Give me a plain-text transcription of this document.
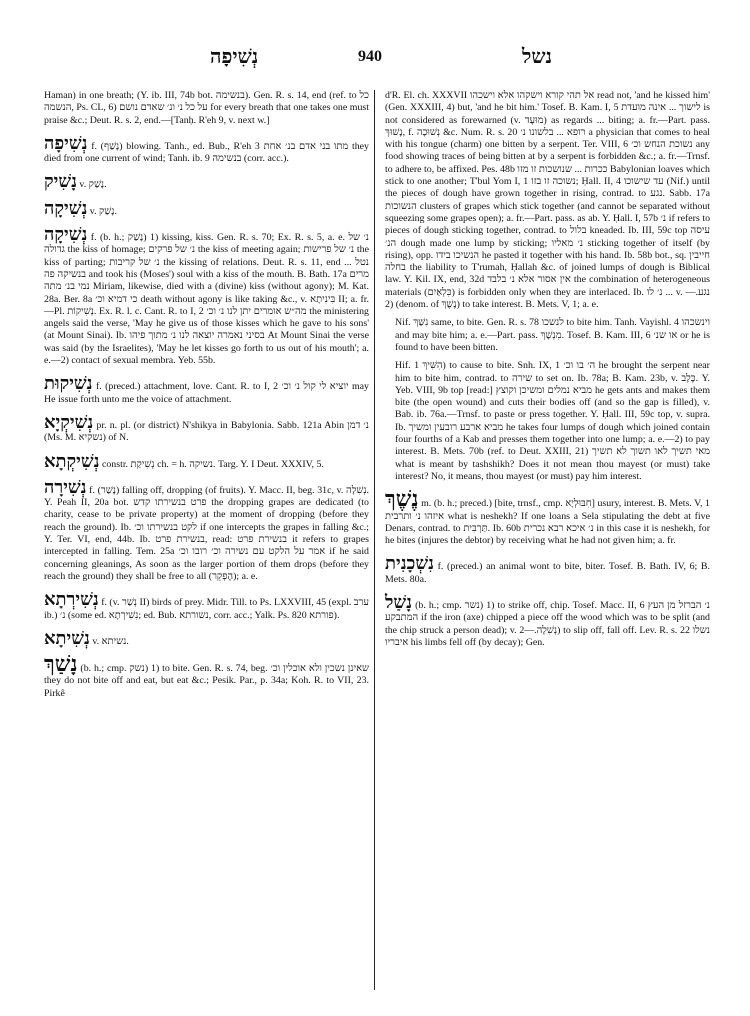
נְשִׁיפָה	940	נשל

Haman) in one breath; (Y. ib. III, 74b bot. בנשימה). Gen. R. s. 14, end (ref. to כל הנשמה, Ps. CL, 6) על כל נ׳ ונ׳ שאדם נושם for every breath that one takes one must praise &c.; Deut. R. s. 2, end.—[Tanḥ. R'eh 9, v. next w.]

נְשִׁיפָה f. (נָשַׁף) blowing. Tanh., ed. Bub., R'eh 3 מתו בני אדם בנ׳ אחת they died from one current of wind; Tanh. ib. 9 בנשימה (corr. acc.).

נָשִׁיק v. נָשַׁק.

נְשִׁיקָה v. נָשַׁק.

נְשִׁיקָה f. (b. h.; נָשַׁק) 1) kissing, kiss. Gen. R. s. 70; Ex. R. s. 5, a. e. נ׳ של גדולה the kiss of homage; נ׳ של פרקים the kiss of meeting again; נ׳ של פרישות the kiss of parting; נ׳ של קריבות the kissing of relations. Deut. R. s. 11, end נטל ... בנשיקה פה and took his (Moses') soul with a kiss of the mouth. B. Bath. 17a מרים נמי בנ׳ מתה Miriam, likewise, died with a (divine) kiss (without agony); M. Kat. 28a. Ber. 8a כי דמיא וכ׳ death without agony is like taking &c., v. בִּינִיתָא II; a. fr.—Pl. נְשִׁיקוֹת. Ex. R. l. c. Cant. R. to I, 2 מה״ש אומרים יתן לנו נ׳ וכ׳ the ministering angels said the verse, 'May he give us of those kisses which he gave to his sons' (at Mount Sinai). Ib. בסיני נאמרה יוצאה לנו נ׳ מתוך פיהו At Mount Sinai the verse was said (by the Israelites), 'May he let kisses go forth to us out of his mouth'; a. e.—2) contact of sexual membra. Yeb. 55b.

נְשִׁיקוּת f. (preced.) attachment, love. Cant. R. to I, 2 יוציא לי קול נ׳ וכ׳ may He issue forth unto me the voice of attachment.

נְשִׁיקְיָא pr. n. pl. (or district) N'shikya in Babylonia. Sabb. 121a Abin נ׳ דמן (Ms. M. נשקיא) of N.

נְשִׁיקְתָא constr. נְשִׁיקַת ch. = h. נשיקה. Targ. Y. I Deut. XXXIV, 5.

נְשִׁירָה f. (נָשַׁר) falling off, dropping (of fruits). Y. Macc. II, beg. 31c, v. נְשִׁלָה. Y. Peah II, 20a bot. פרט בנשירתו קדש the dropping grapes are dedicated (to charity, cease to be private property) at the moment of dropping (before they reach the ground). Ib. לקט בנשירתו וכ׳ if one intercepts the grapes in falling &c.; Y. Ter. VI, end, 44b. Ib. בנשירת פרט, read: בנשירת פרט it refers to grapes intercepted in falling. Tem. 25a אמר על הלקט עם נשירה וכ׳ רובו וכ׳ if he said concerning gleanings, As soon as the larger portion of them drops (before they reach the ground) they shall be free to all (הֶפְקֵר); a. e.

נְשִׁירְתָא f. (v. נְשַׁר II) birds of prey. Midr. Till. to Ps. LXXVIII, 45 (expl. ערב ib.) נ׳ (some ed. נִשִׁירְתָא; ed. Bub. נשורתא, corr. acc.; Yalk. Ps. 820 פורתא).

נְשִׁיתָא v. נשיתא.

נָשַׁךְ (b. h.; cmp. נשק) 1) to bite. Gen. R. s. 74, beg. שאינן נשכין ולא אוכלין וכ׳ they do not bite off and eat, but eat &c.; Pesik. Par., p. 34a; Koh. R. to VII, 23. Pirkê

d'R. El. ch. XXXVII אל תהי קורא וישקהו אלא וישכהו read not, 'and he kissed him' (Gen. XXXIII, 4) but, 'and he bit him.' Tosef. B. Kam. I, 5 לישוך ... אינה מועדת is not considered as forewarned (v. מוּעָד) as regards ... biting; a. fr.—Part. pass. נָשׁוּךְ, f. נְשׁוּכָה &c. Num. R. s. 20 רופא ... בלשונו נ׳ a physician that comes to heal with his tongue (charm) one bitten by a serpent. Ter. VIII, 6 נשוכת הנחש וכ׳ any food showing traces of being bitten at by a serpent is forbidden &c.; a. fr.—Trnsf. to adhere to, be affixed. Pes. 48b ככרות ... שנושכות זו מזו Babylonian loaves which stick to one another; T'bul Yom I, 1 נשוכה זו בזו; Ḥall. II, 4 עד שישוכו (Nif.) until the pieces of dough have grown together in rising, contrad. to נגע. Sabb. 17a הנשוכות clusters of grapes which stick together (and cannot be separated without squeezing some grapes open); a. fr.—Part. pass. as ab. Y. Ḥall. I, 57b נ׳ if refers to pieces of dough sticking together, contrad. to בלול kneaded. Ib. III, 59c top עיסה הנ׳ dough made one lump by sticking; נ׳ מאליו sticking together of itself (by rising), opp. הנשיכו בידו he pasted it together with his hand. Ib. 58b bot., sq. חייבין בחלה the liability to T'rumah, Ḥallah &c. of joined lumps of dough is Biblical law. Y. Kil. IX, end, 32d אין אסור אלא נ׳ בלבד the combination of heterogeneous materials (כִּלְאַיִם) is forbidden only when they are interlaced. Ib. נ׳ לו ... v. נגע.—2) (denom. of נֶשֶׁךְ) to take interest. B. Mets. V, 1; a. e.

Nif. נִשַּׁךְ same, to bite. Gen. R. s. 78 לנשכו to bite him. Tanh. Vayishl. 4 וינשכהו and may bite him; a. e.—Part. pass. מִנְשָׁךְ. Tosef. B. Kam. III, 6 או שנ׳ or he is found to have been bitten.

Hif. הִשִּׁיךְ 1) to cause to bite. Snh. IX, 1 ה׳ בו וכ׳ he brought the serpent near him to bite him, contrad. to שירה to set on. Ib. 78a; B. Kam. 23b, v. כֶּלֶב. Y. Yeb. VIII, 9b top [read:] מביא נמלים ומשיכן וקוצץ he gets ants and makes them bite (the open wound) and cuts their bodies off (and so the gap is filled), v. Bab. ib. 76a.—Trnsf. to paste or press together. Y. Ḥall. III, 59c top, v. supra. Ib. מביא ארבע רובעין ומשיך he takes four lumps of dough which joined contain four fourths of a Kab and presses them together into one lump; a. e.—2) to pay interest. B. Mets. 70b (ref. to Deut. XXIII, 21) מאי תשיך לאו תשוך לא תשיך what is meant by tashshikh? Does it not mean thou mayest (or must) take interest? No, it means, thou mayest (or must) pay him interest.

נֶשֶׁךְ m. (b. h.; preced.) [bite, trnsf., cmp. חִבּוּלְיָא] usury, interest. B. Mets. V, 1 איזהו נ׳ ותרבית what is neshekh? If one loans a Sela stipulating the debt at five Denars, contrad. to תַּרְבִּית. Ib. 60b נ׳ איכא רבא נכרית in this case it is neshekh, for he bites (injures the debtor) by receiving what he had not given him; a. fr.

נִשְׁכָנִית f. (preced.) an animal wont to bite, biter. Tosef. B. Bath. IV, 6; B. Mets. 80a.

נָשַׁל (b. h.; cmp. נשר) 1) to strike off, chip. Tosef. Macc. II, 6 נ׳ הברזל מן העץ המתבקע if the iron (axe) chipped a piece off the wood which was to be split (and the chip struck a person dead); v. נְשִׁלָה.—2) to slip off, fall off. Lev. R. s. 22 נשלו איבריו his limbs fell off (by decay); Gen.
